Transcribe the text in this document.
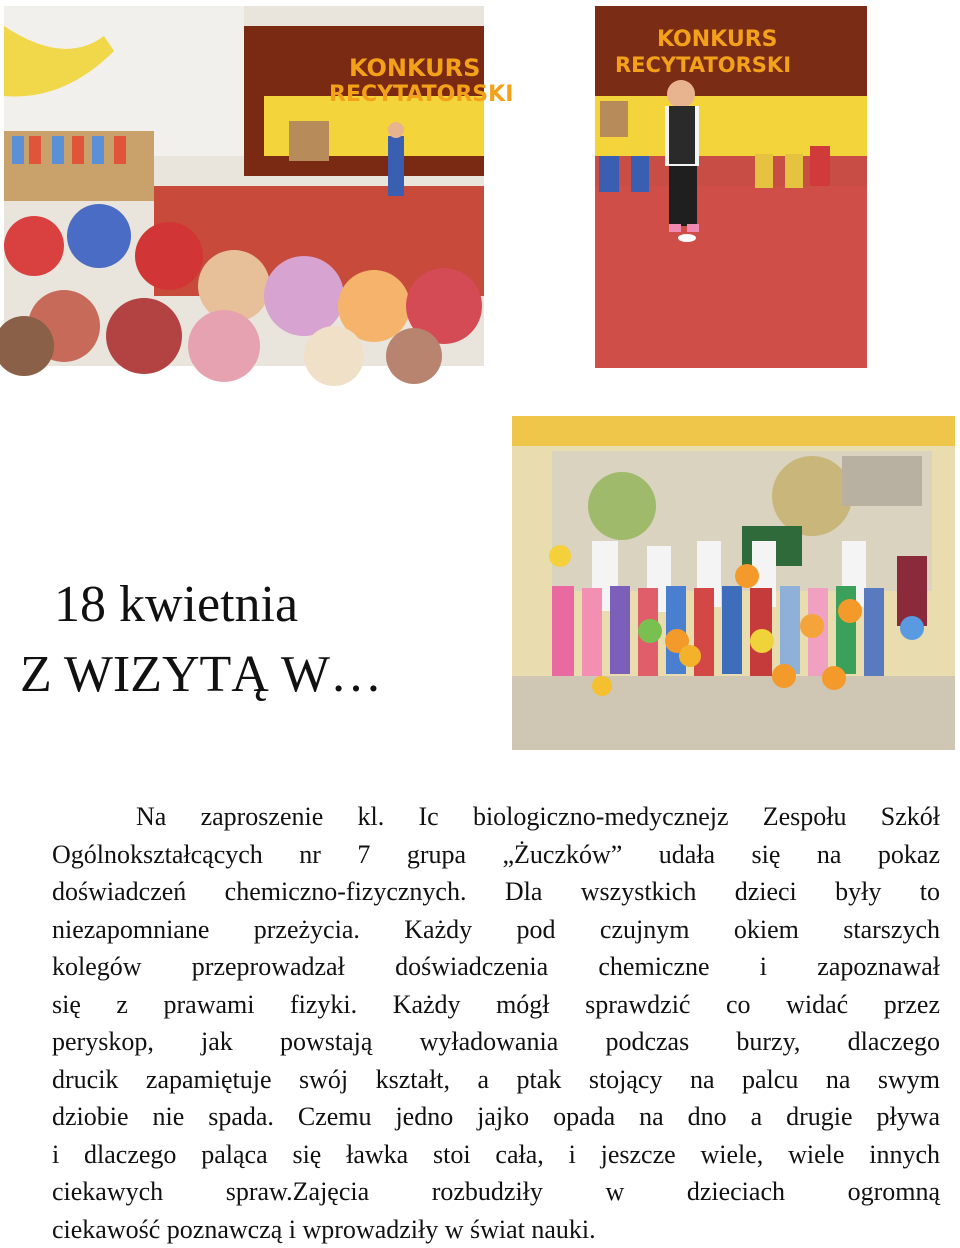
KONKURS
RECYTATORSKI
KONKURS
RECYTATORSKI
18 kwietnia
Z WIZYTĄ W…
Na zaproszenie kl. Ic biologiczno-medycznejz Zespołu Szkół
Ogólnokształcących nr 7 grupa „Żuczków” udała się na pokaz
doświadczeń chemiczno-fizycznych. Dla wszystkich dzieci były to
niezapomniane przeżycia. Każdy pod czujnym okiem starszych
kolegów przeprowadzał doświadczenia chemiczne i zapoznawał
się z prawami fizyki. Każdy mógł sprawdzić co widać przez
peryskop, jak powstają wyładowania podczas burzy, dlaczego
drucik zapamiętuje swój kształt, a ptak stojący na palcu na swym
dziobie nie spada. Czemu jedno jajko opada na dno a drugie pływa
i dlaczego paląca się ławka stoi cała, i jeszcze wiele, wiele innych
ciekawych spraw.Zajęcia rozbudziły w dzieciach ogromną
ciekawość poznawczą i wprowadziły w świat nauki.
